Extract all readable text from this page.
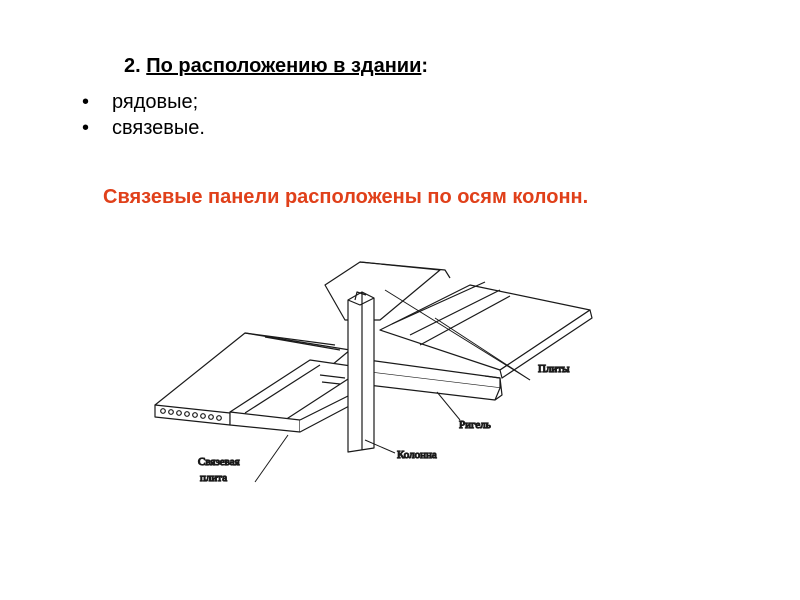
2. По расположению в здании:
• рядовые;
• связевые.

Связевые панели расположены по осям колонн.

Плиты
Ригель
Колонна
Связевая
плита
